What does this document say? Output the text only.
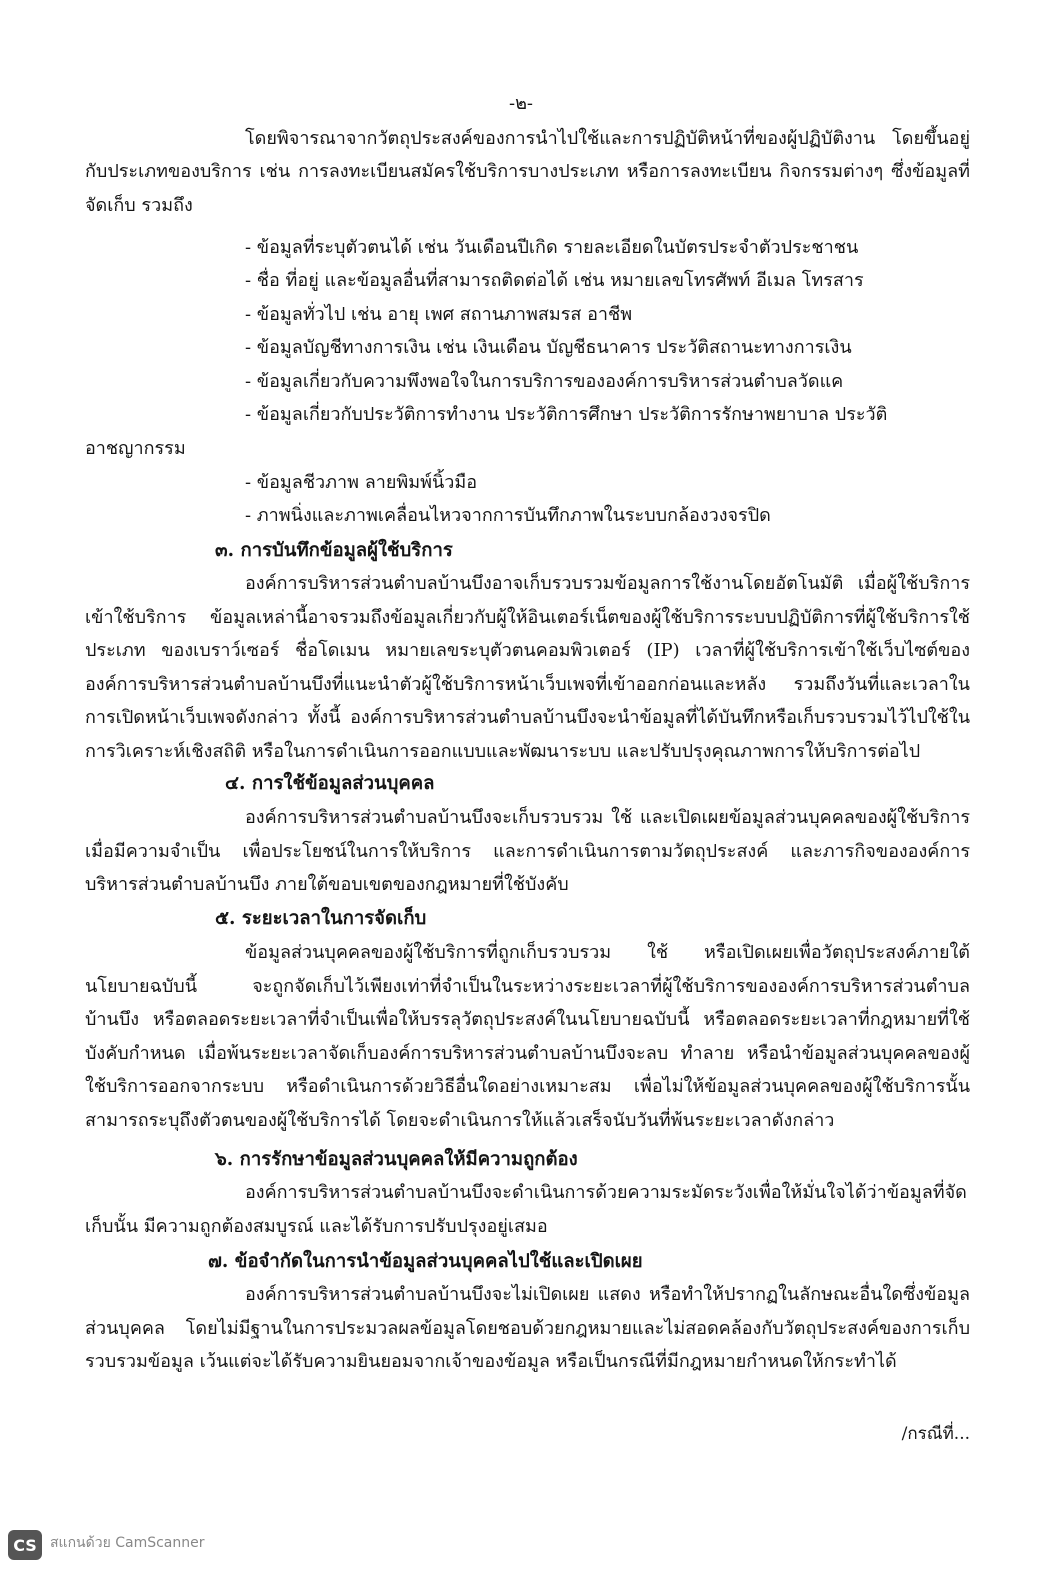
-๒-
โดยพิจารณาจากวัตถุประสงค์ของการนำไปใช้และการปฏิบัติหน้าที่ของผู้ปฏิบัติงาน โดยขึ้นอยู่กับประเภทของบริการ เช่น การลงทะเบียนสมัครใช้บริการบางประเภท หรือการลงทะเบียน กิจกรรมต่างๆ ซึ่งข้อมูลที่จัดเก็บ รวมถึง
- ข้อมูลที่ระบุตัวตนได้ เช่น วันเดือนปีเกิด รายละเอียดในบัตรประจำตัวประชาชน
- ชื่อ ที่อยู่ และข้อมูลอื่นที่สามารถติดต่อได้ เช่น หมายเลขโทรศัพท์ อีเมล โทรสาร
- ข้อมูลทั่วไป เช่น อายุ เพศ สถานภาพสมรส อาชีพ
- ข้อมูลบัญชีทางการเงิน เช่น เงินเดือน บัญชีธนาคาร ประวัติสถานะทางการเงิน
- ข้อมูลเกี่ยวกับความพึงพอใจในการบริการขององค์การบริหารส่วนตำบลวัดแค
- ข้อมูลเกี่ยวกับประวัติการทำงาน ประวัติการศึกษา ประวัติการรักษาพยาบาล ประวัติ
อาชญากรรม
- ข้อมูลชีวภาพ ลายพิมพ์นิ้วมือ
- ภาพนิ่งและภาพเคลื่อนไหวจากการบันทึกภาพในระบบกล้องวงจรปิด
๓. การบันทึกข้อมูลผู้ใช้บริการ
องค์การบริหารส่วนตำบลบ้านบึงอาจเก็บรวบรวมข้อมูลการใช้งานโดยอัตโนมัติ เมื่อผู้ใช้บริการเข้าใช้บริการ ข้อมูลเหล่านี้อาจรวมถึงข้อมูลเกี่ยวกับผู้ให้อินเตอร์เน็ตของผู้ใช้บริการระบบปฏิบัติการที่ผู้ใช้บริการใช้ประเภท ของเบราว์เซอร์ ชื่อโดเมน หมายเลขระบุตัวตนคอมพิวเตอร์ (IP) เวลาที่ผู้ใช้บริการเข้าใช้เว็บไซต์ขององค์การบริหารส่วนตำบลบ้านบึงที่แนะนำตัวผู้ใช้บริการหน้าเว็บเพจที่เข้าออกก่อนและหลัง รวมถึงวันที่และเวลาในการเปิดหน้าเว็บเพจดังกล่าว ทั้งนี้ องค์การบริหารส่วนตำบลบ้านบึงจะนำข้อมูลที่ได้บันทึกหรือเก็บรวบรวมไว้ไปใช้ในการวิเคราะห์เชิงสถิติ หรือในการดำเนินการออกแบบและพัฒนาระบบ และปรับปรุงคุณภาพการให้บริการต่อไป
๔. การใช้ข้อมูลส่วนบุคคล
องค์การบริหารส่วนตำบลบ้านบึงจะเก็บรวบรวม ใช้ และเปิดเผยข้อมูลส่วนบุคคลของผู้ใช้บริการเมื่อมีความจำเป็น เพื่อประโยชน์ในการให้บริการ และการดำเนินการตามวัตถุประสงค์ และภารกิจขององค์การบริหารส่วนตำบลบ้านบึง ภายใต้ขอบเขตของกฎหมายที่ใช้บังคับ
๕. ระยะเวลาในการจัดเก็บ
ข้อมูลส่วนบุคคลของผู้ใช้บริการที่ถูกเก็บรวบรวม ใช้ หรือเปิดเผยเพื่อวัตถุประสงค์ภายใต้นโยบายฉบับนี้ จะถูกจัดเก็บไว้เพียงเท่าที่จำเป็นในระหว่างระยะเวลาที่ผู้ใช้บริการขององค์การบริหารส่วนตำบลบ้านบึง หรือตลอดระยะเวลาที่จำเป็นเพื่อให้บรรลุวัตถุประสงค์ในนโยบายฉบับนี้ หรือตลอดระยะเวลาที่กฎหมายที่ใช้บังคับกำหนด เมื่อพ้นระยะเวลาจัดเก็บองค์การบริหารส่วนตำบลบ้านบึงจะลบ ทำลาย หรือนำข้อมูลส่วนบุคคลของผู้ใช้บริการออกจากระบบ หรือดำเนินการด้วยวิธีอื่นใดอย่างเหมาะสม เพื่อไม่ให้ข้อมูลส่วนบุคคลของผู้ใช้บริการนั้นสามารถระบุถึงตัวตนของผู้ใช้บริการได้ โดยจะดำเนินการให้แล้วเสร็จนับวันที่พ้นระยะเวลาดังกล่าว
๖. การรักษาข้อมูลส่วนบุคคลให้มีความถูกต้อง
องค์การบริหารส่วนตำบลบ้านบึงจะดำเนินการด้วยความระมัดระวังเพื่อให้มั่นใจได้ว่าข้อมูลที่จัดเก็บนั้น มีความถูกต้องสมบูรณ์ และได้รับการปรับปรุงอยู่เสมอ
๗. ข้อจำกัดในการนำข้อมูลส่วนบุคคลไปใช้และเปิดเผย
องค์การบริหารส่วนตำบลบ้านบึงจะไม่เปิดเผย แสดง หรือทำให้ปรากฏในลักษณะอื่นใดซึ่งข้อมูลส่วนบุคคล โดยไม่มีฐานในการประมวลผลข้อมูลโดยชอบด้วยกฎหมายและไม่สอดคล้องกับวัตถุประสงค์ของการเก็บ รวบรวมข้อมูล เว้นแต่จะได้รับความยินยอมจากเจ้าของข้อมูล หรือเป็นกรณีที่มีกฎหมายกำหนดให้กระทำได้
/กรณีที่...
CS สแกนด้วย CamScanner
